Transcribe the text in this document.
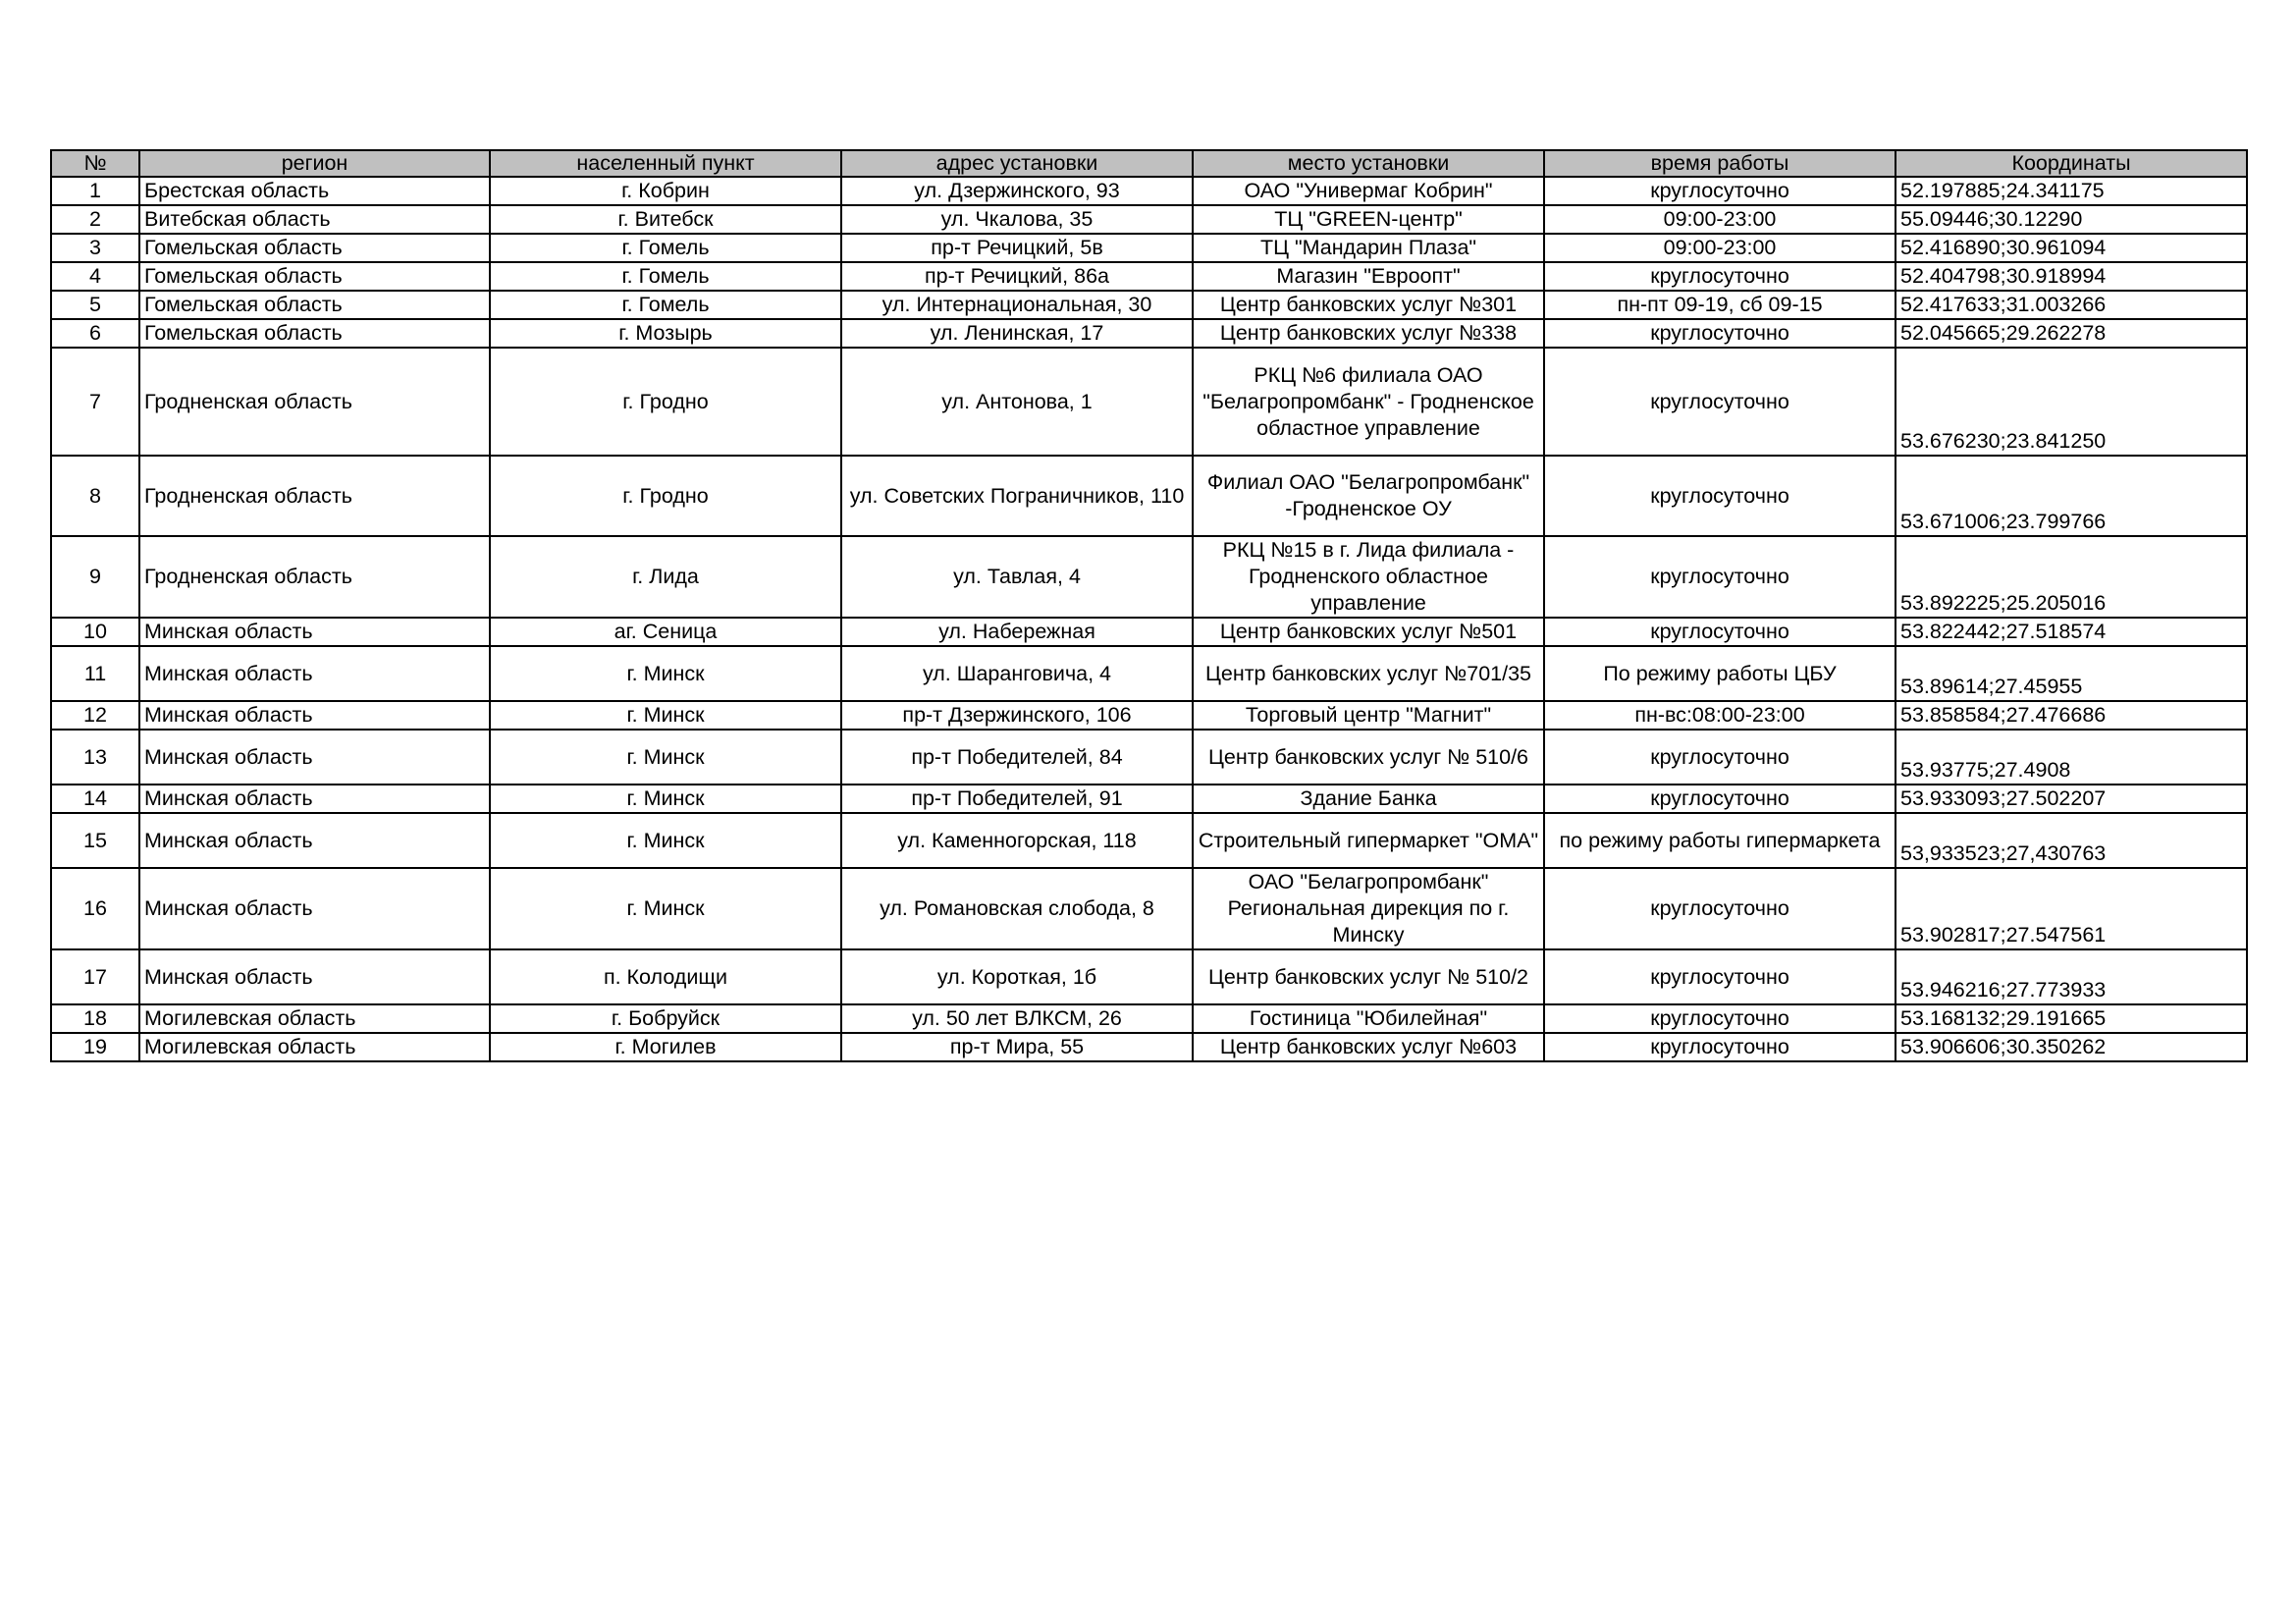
№	регион	населенный пункт	адрес установки	место установки	время работы	Координаты
1	Брестская область	г. Кобрин	ул. Дзержинского, 93	ОАО "Универмаг Кобрин"	круглосуточно	52.197885;24.341175
2	Витебская область	г. Витебск	ул. Чкалова, 35	ТЦ "GREEN-центр"	09:00-23:00	55.09446;30.12290
3	Гомельская область	г. Гомель	пр-т Речицкий, 5в	ТЦ "Мандарин Плаза"	09:00-23:00	52.416890;30.961094
4	Гомельская область	г. Гомель	пр-т Речицкий, 86а	Магазин "Евроопт"	круглосуточно	52.404798;30.918994
5	Гомельская область	г. Гомель	ул. Интернациональная, 30	Центр банковских услуг №301	пн-пт 09-19, сб 09-15	52.417633;31.003266
6	Гомельская область	г. Мозырь	ул. Ленинская, 17	Центр банковских услуг №338	круглосуточно	52.045665;29.262278
7	Гродненская область	г. Гродно	ул. Антонова, 1	РКЦ №6 филиала ОАО "Белагропромбанк" - Гродненское областное управление	круглосуточно	53.676230;23.841250
8	Гродненская область	г. Гродно	ул. Советских Пограничников, 110	Филиал ОАО "Белагропромбанк" -Гродненское ОУ	круглосуточно	53.671006;23.799766
9	Гродненская область	г. Лида	ул. Тавлая, 4	РКЦ №15 в г. Лида филиала - Гродненского областное управление	круглосуточно	53.892225;25.205016
10	Минская область	аг. Сеница	ул. Набережная	Центр банковских услуг №501	круглосуточно	53.822442;27.518574
11	Минская область	г. Минск	ул. Шаранговича, 4	Центр банковских услуг №701/35	По режиму работы ЦБУ	53.89614;27.45955
12	Минская область	г. Минск	пр-т Дзержинского, 106	Торговый центр "Магнит"	пн-вс:08:00-23:00	53.858584;27.476686
13	Минская область	г. Минск	пр-т Победителей, 84	Центр банковских услуг № 510/6	круглосуточно	53.93775;27.4908
14	Минская область	г. Минск	пр-т Победителей, 91	Здание Банка	круглосуточно	53.933093;27.502207
15	Минская область	г. Минск	ул. Каменногорская, 118	Строительный гипермаркет "ОМА"	по режиму работы гипермаркета	53,933523;27,430763
16	Минская область	г. Минск	ул. Романовская слобода, 8	ОАО "Белагропромбанк" Региональная дирекция по г. Минску	круглосуточно	53.902817;27.547561
17	Минская область	п. Колодищи	ул. Короткая, 1б	Центр банковских услуг № 510/2	круглосуточно	53.946216;27.773933
18	Могилевская область	г. Бобруйск	ул. 50 лет ВЛКСМ, 26	Гостиница "Юбилейная"	круглосуточно	53.168132;29.191665
19	Могилевская область	г. Могилев	пр-т Мира, 55	Центр банковских услуг №603	круглосуточно	53.906606;30.350262
